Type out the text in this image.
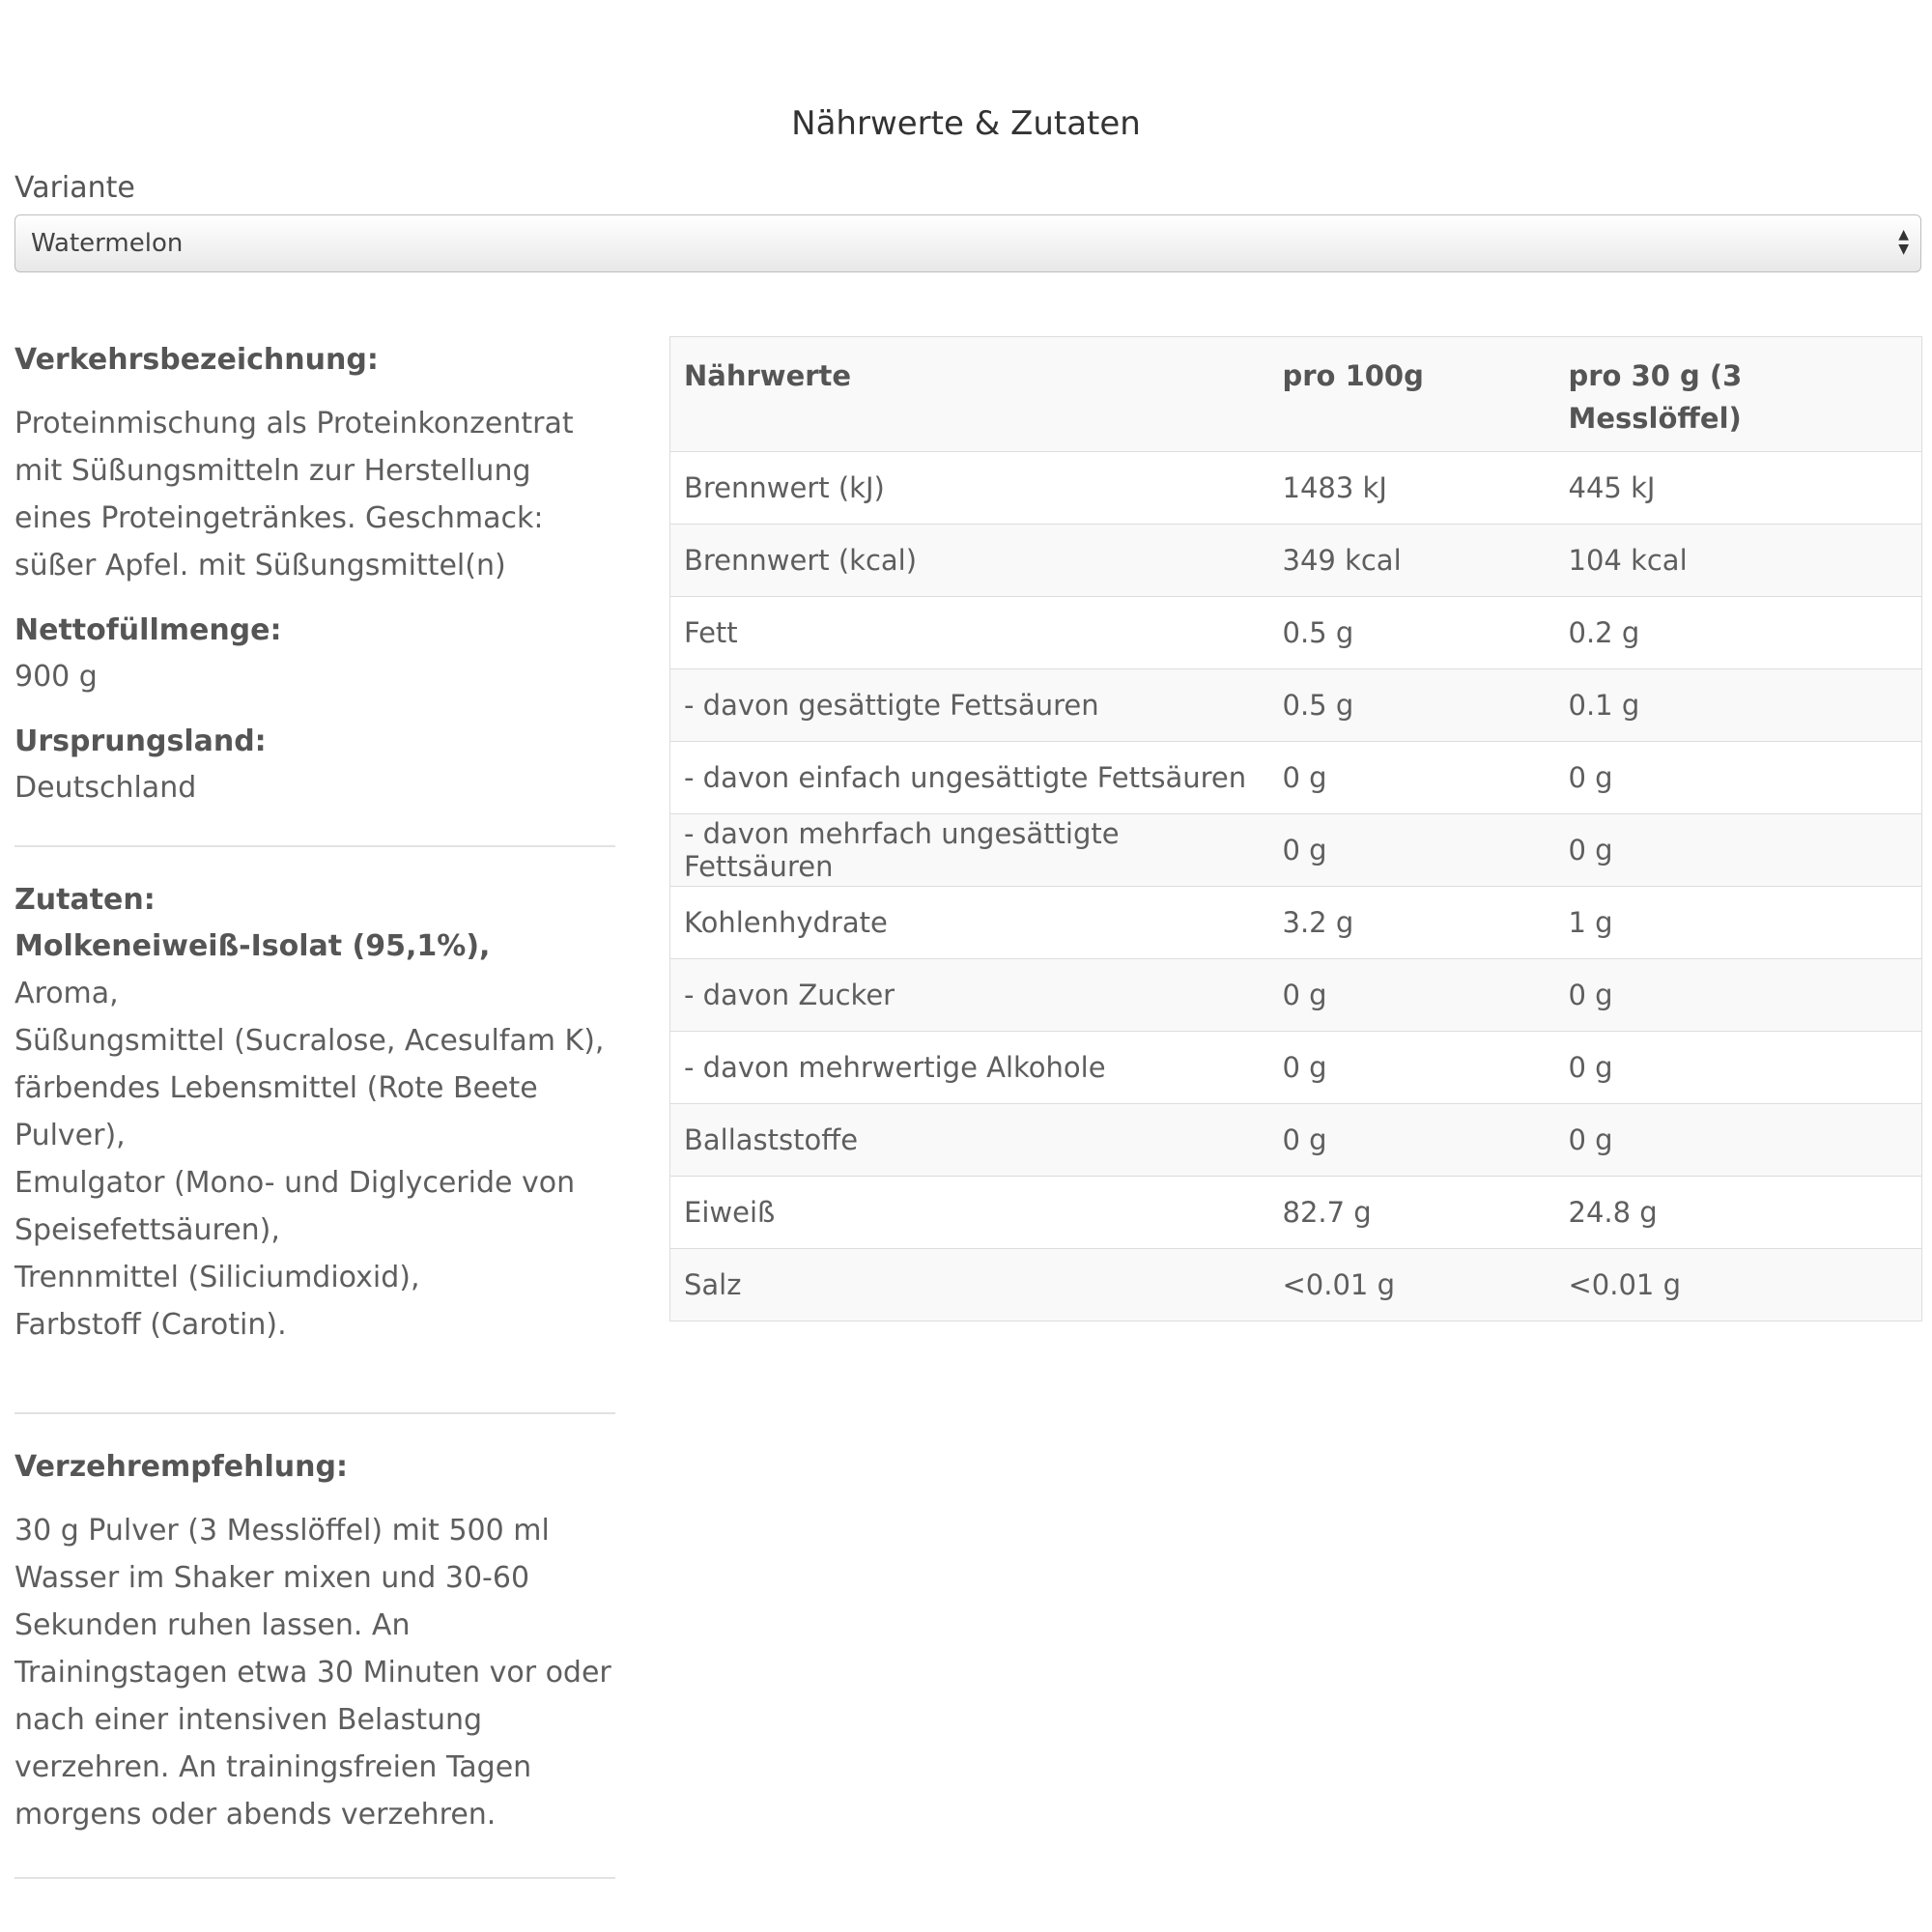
Nährwerte & Zutaten
Variante
Watermelon	▲
▼

Verkehrsbezeichnung:

Proteinmischung als Proteinkonzentrat mit Süßungsmitteln zur Herstellung eines Proteingetränkes. Geschmack: süßer Apfel. mit Süßungsmittel(n)

Nettofüllmenge:

900 g

Ursprungsland:

Deutschland

Zutaten:

Molkeneiweiß-Isolat (95,1%),   Aroma,

Süßungsmittel (Sucralose, Acesulfam K),

färbendes Lebensmittel (Rote Beete Pulver),

Emulgator (Mono- und Diglyceride von Speisefettsäuren),

Trennmittel (Siliciumdioxid),

Farbstoff (Carotin).

Verzehrempfehlung:

30 g Pulver (3 Messlöffel) mit 500 ml Wasser im Shaker mixen und 30-60 Sekunden ruhen lassen. An Trainingstagen etwa 30 Minuten vor oder nach einer intensiven Belastung verzehren. An trainingsfreien Tagen morgens oder abends verzehren.

Nährwerte	pro 100g	pro 30 g (3 Messlöffel)
Brennwert (kJ)	1483 kJ	445 kJ
Brennwert (kcal)	349 kcal	104 kcal
Fett	0.5 g	0.2 g
- davon gesättigte Fettsäuren	0.5 g	0.1 g
- davon einfach ungesättigte Fettsäuren	0 g	0 g
- davon mehrfach ungesättigte Fettsäuren	0 g	0 g
Kohlenhydrate	3.2 g	1 g
- davon Zucker	0 g	0 g
- davon mehrwertige Alkohole	0 g	0 g
Ballaststoffe	0 g	0 g
Eiweiß	82.7 g	24.8 g
Salz	<0.01 g	<0.01 g
